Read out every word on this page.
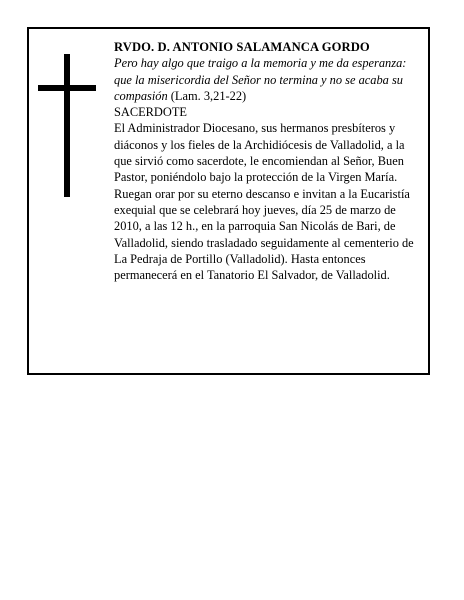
RVDO. D. ANTONIO SALAMANCA GORDO

Pero hay algo que traigo a la memoria y me da esperanza: que la misericordia del Señor no termina y no se acaba su compasión (Lam. 3,21-22)

SACERDOTE

El Administrador Diocesano, sus hermanos presbíteros y diáconos y los fieles de la Archidiócesis de Valladolid, a la que sirvió como sacerdote, le encomiendan al Señor, Buen Pastor, poniéndolo bajo la protección de la Virgen María.

Ruegan orar por su eterno descanso e invitan a la Eucaristía exequial que se celebrará hoy jueves, día 25 de marzo de 2010, a las 12 h., en la parroquia San Nicolás de Bari, de Valladolid, siendo trasladado seguidamente al cementerio de La Pedraja de Portillo (Valladolid). Hasta entonces permanecerá en el Tanatorio El Salvador, de Valladolid.
